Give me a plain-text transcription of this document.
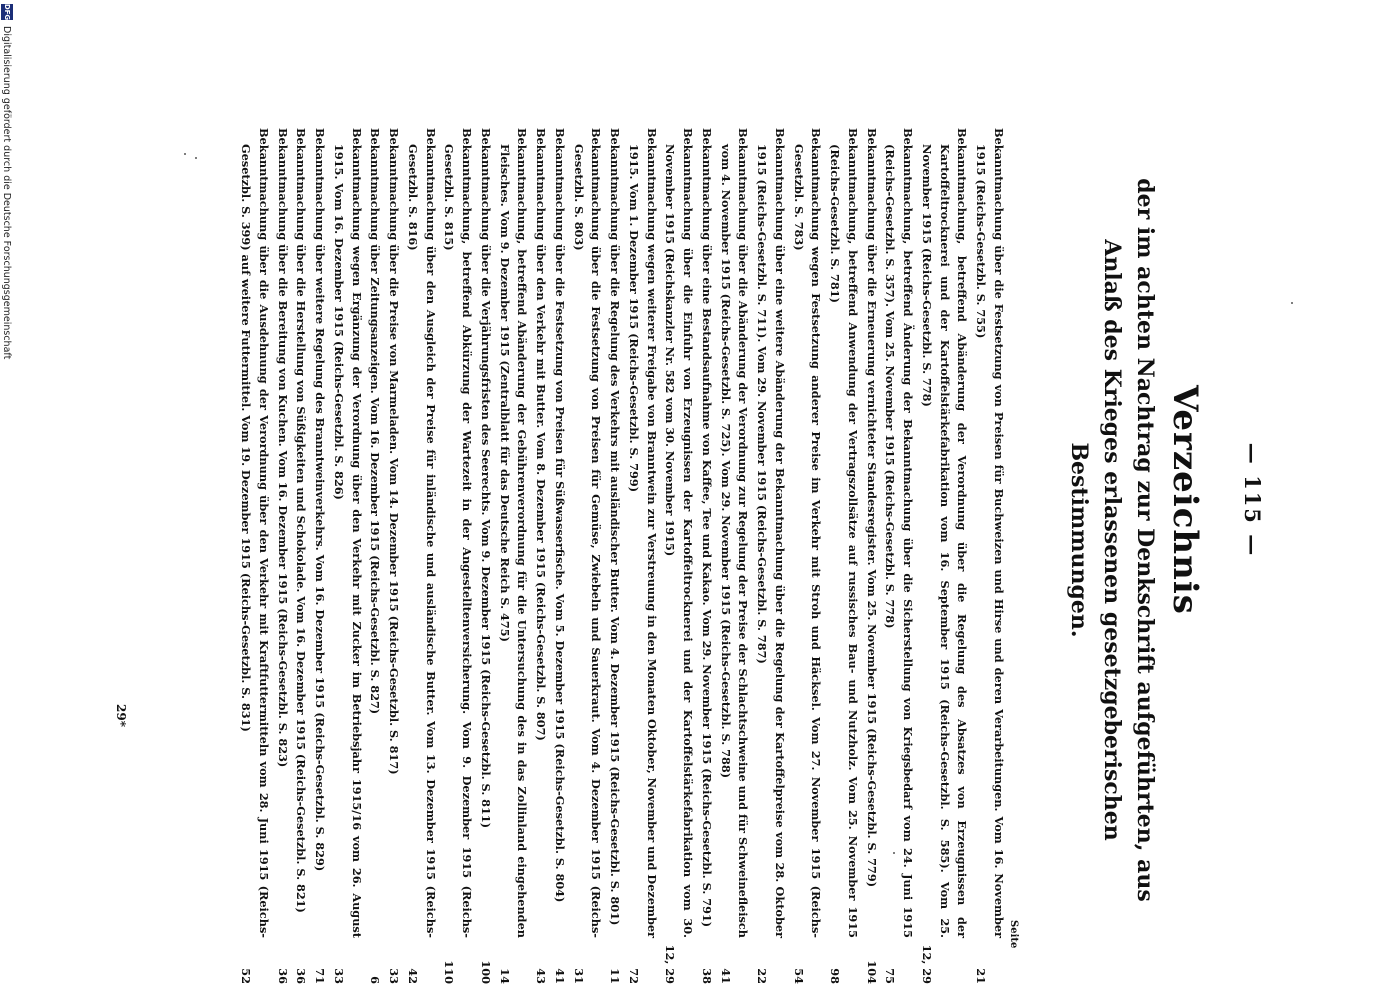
— 115 —
Verzeichnis
der im achten Nachtrag zur Denkschrift aufgeführten, aus Anlaß des Krieges erlassenen gesetzgeberischen Bestimmungen.
Seite
Bekanntmachung über die Festsetzung von Preisen für Buchweizen und Hirse und deren Verarbeitungen. Vom 16. November 1915 (Reichs-Gesetzbl. S. 755)
21
Bekanntmachung, betreffend Abänderung der Verordnung über die Regelung des Absatzes von Erzeugnissen der Kartoffeltrocknerei und der Kartoffelstärkefabrikation vom 16. September 1915 (Reichs-Gesetzbl. S. 585). Vom 25. November 1915 (Reichs-Gesetzbl. S. 778)
12, 29
Bekanntmachung, betreffend Änderung der Bekanntmachung über die Sicherstellung von Kriegsbedarf vom 24. Juni 1915 (Reichs-Gesetzbl. S. 357). Vom 25. November 1915 (Reichs-Gesetzbl. S. 778)
75
Bekanntmachung über die Erneuerung vernichteter Standesregister. Vom 25. November 1915 (Reichs-Gesetzbl. S. 779)
104
Bekanntmachung, betreffend Anwendung der Vertragszollsätze auf russisches Bau- und Nutzholz. Vom 25. November 1915 (Reichs-Gesetzbl. S. 781)
98
Bekanntmachung wegen Festsetzung anderer Preise im Verkehr mit Stroh und Häcksel. Vom 27. November 1915 (Reichs-Gesetzbl. S. 783)
54
Bekanntmachung über eine weitere Abänderung der Bekanntmachung über die Regelung der Kartoffelpreise vom 28. Oktober 1915 (Reichs-Gesetzbl. S. 711). Vom 29. November 1915 (Reichs-Gesetzbl. S. 787)
22
Bekanntmachung über die Abänderung der Verordnung zur Regelung der Preise der Schlachtschweine und für Schweinefleisch vom 4. November 1915 (Reichs-Gesetzbl. S. 725). Vom 29. November 1915 (Reichs-Gesetzbl. S. 788)
41
Bekanntmachung über eine Bestandsaufnahme von Kaffee, Tee und Kakao. Vom 29. November 1915 (Reichs-Gesetzbl. S. 791)
38
Bekanntmachung über die Einfuhr von Erzeugnissen der Kartoffeltrocknerei und der Kartoffelstärkefabrikation vom 30. November 1915 (Reichskanzler Nr. 582 vom 30. November 1915)
12, 29
Bekanntmachung wegen weiterer Freigabe von Branntwein zur Verstreuung in den Monaten Oktober, November und Dezember 1915. Vom 1. Dezember 1915 (Reichs-Gesetzbl. S. 799)
72
Bekanntmachung über die Regelung des Verkehrs mit ausländischer Butter. Vom 4. Dezember 1915 (Reichs-Gesetzbl. S. 801)
11
Bekanntmachung über die Festsetzung von Preisen für Gemüse, Zwiebeln und Sauerkraut. Vom 4. Dezember 1915 (Reichs-Gesetzbl. S. 803)
31
Bekanntmachung über die Festsetzung von Preisen für Süßwasserfische. Vom 5. Dezember 1915 (Reichs-Gesetzbl. S. 804)
41
Bekanntmachung über den Verkehr mit Butter. Vom 8. Dezember 1915 (Reichs-Gesetzbl. S. 807)
43
Bekanntmachung, betreffend Abänderung der Gebührenverordnung für die Untersuchung des in das Zollinland eingehenden Fleisches. Vom 9. Dezember 1915 (Zentralblatt für das Deutsche Reich S. 475)
14
Bekanntmachung über die Verjährungsfristen des Seerechts. Vom 9. Dezember 1915 (Reichs-Gesetzbl. S. 811)
100
Bekanntmachung, betreffend Abkürzung der Wartezeit in der Angestelltenversicherung. Vom 9. Dezember 1915 (Reichs-Gesetzbl. S. 815)
110
Bekanntmachung über den Ausgleich der Preise für inländische und ausländische Butter. Vom 13. Dezember 1915 (Reichs-Gesetzbl. S. 816)
42
Bekanntmachung über die Preise von Marmeladen. Vom 14. Dezember 1915 (Reichs-Gesetzbl. S. 817)
33
Bekanntmachung über Zeitungsanzeigen. Vom 16. Dezember 1915 (Reichs-Gesetzbl. S. 827)
6
Bekanntmachung wegen Ergänzung der Verordnung über den Verkehr mit Zucker im Betriebsjahr 1915/16 vom 26. August 1915. Vom 16. Dezember 1915 (Reichs-Gesetzbl. S. 826)
33
Bekanntmachung über weitere Regelung des Branntweinverkehrs. Vom 16. Dezember 1915 (Reichs-Gesetzbl. S. 829)
71
Bekanntmachung über die Herstellung von Süßigkeiten und Schokolade. Vom 16. Dezember 1915 (Reichs-Gesetzbl. S. 821)
36
Bekanntmachung über die Bereitung von Kuchen. Vom 16. Dezember 1915 (Reichs-Gesetzbl. S. 823)
36
Bekanntmachung über die Ausdehnung der Verordnung über den Verkehr mit Kraftfuttermitteln vom 28. Juni 1915 (Reichs-Gesetzbl. S. 399) auf weitere Futtermittel. Vom 19. Dezember 1915 (Reichs-Gesetzbl. S. 831)
52
29*
DFG
Digitalisierung gefördert durch die Deutsche Forschungsgemeinschaft
